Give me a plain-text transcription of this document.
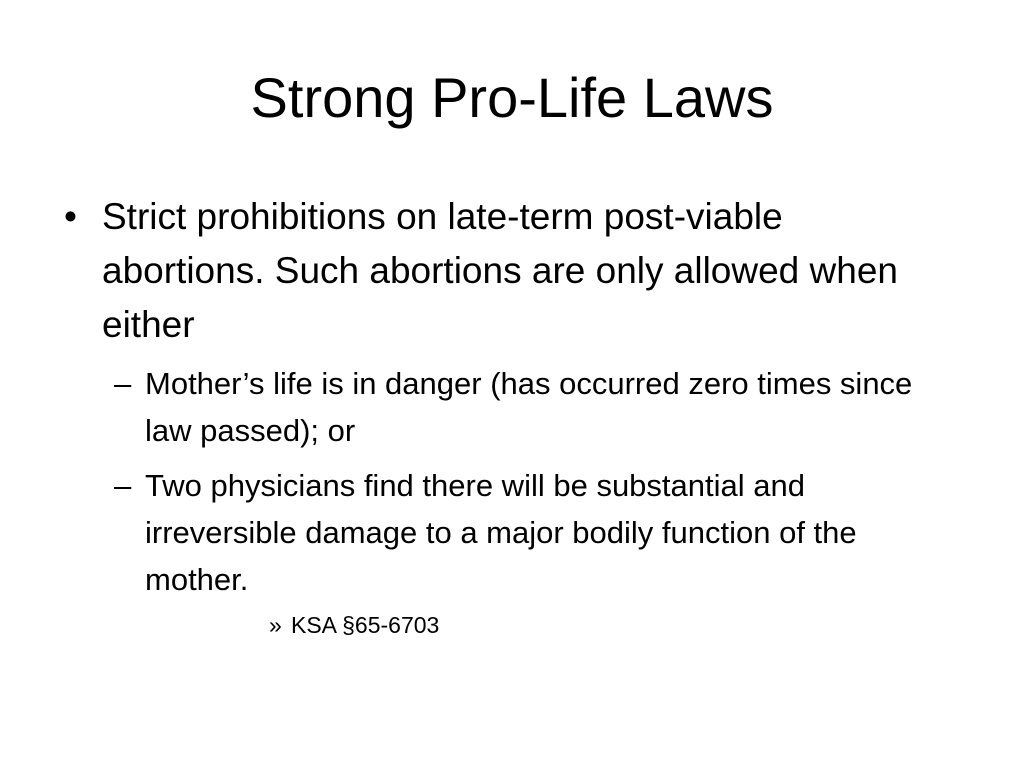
Strong Pro-Life Laws
• Strict prohibitions on late-term post-viable abortions. Such abortions are only allowed when either
– Mother’s life is in danger (has occurred zero times since law passed); or
– Two physicians find there will be substantial and irreversible damage to a major bodily function of the mother.
» KSA §65-6703
